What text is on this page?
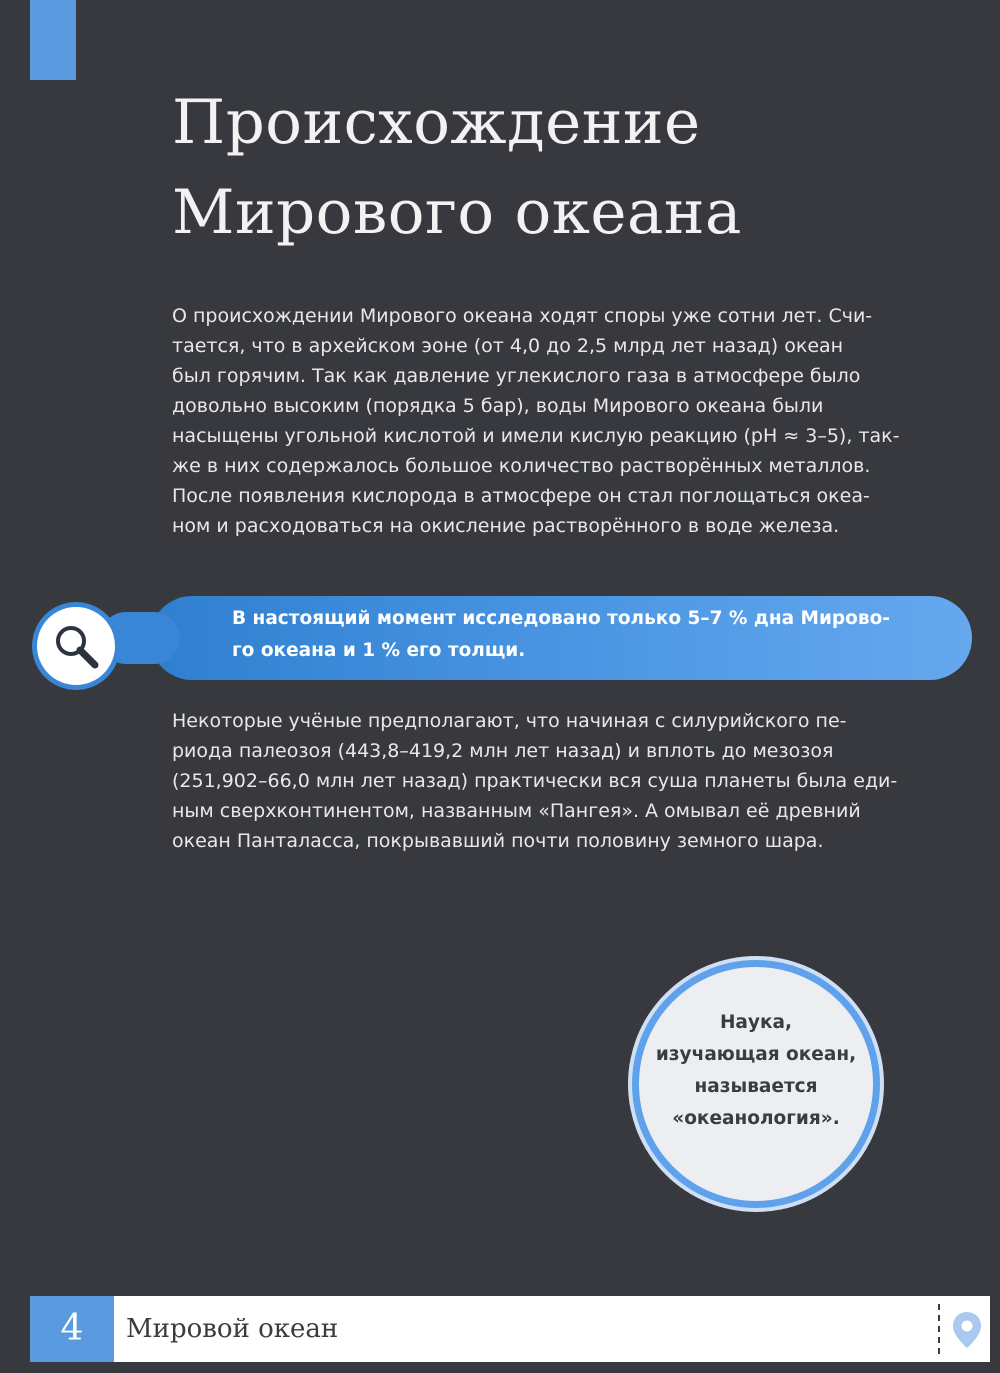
Происхождение
Мирового океана
О происхождении Мирового океана ходят споры уже сотни лет. Счи-
тается, что в архейском эоне (от 4,0 до 2,5 млрд лет назад) океан
был горячим. Так как давление углекислого газа в атмосфере было
довольно высоким (порядка 5 бар), воды Мирового океана были
насыщены угольной кислотой и имели кислую реакцию (pH ≈ 3–5), так-
же в них содержалось большое количество растворённых металлов.
После появления кислорода в атмосфере он стал поглощаться океа-
ном и расходоваться на окисление растворённого в воде железа.
В настоящий момент исследовано только 5–7 % дна Мирово-
го океана и 1 % его толщи.
Некоторые учёные предполагают, что начиная с силурийского пе-
риода палеозоя (443,8–419,2 млн лет назад) и вплоть до мезозоя
(251,902–66,0 млн лет назад) практически вся суша планеты была еди-
ным сверхконтинентом, названным «Пангея». А омывал её древний
океан Панталасса, покрывавший почти половину земного шара.
Наука,
изучающая океан,
называется
«океанология».
4	Мировой океан
